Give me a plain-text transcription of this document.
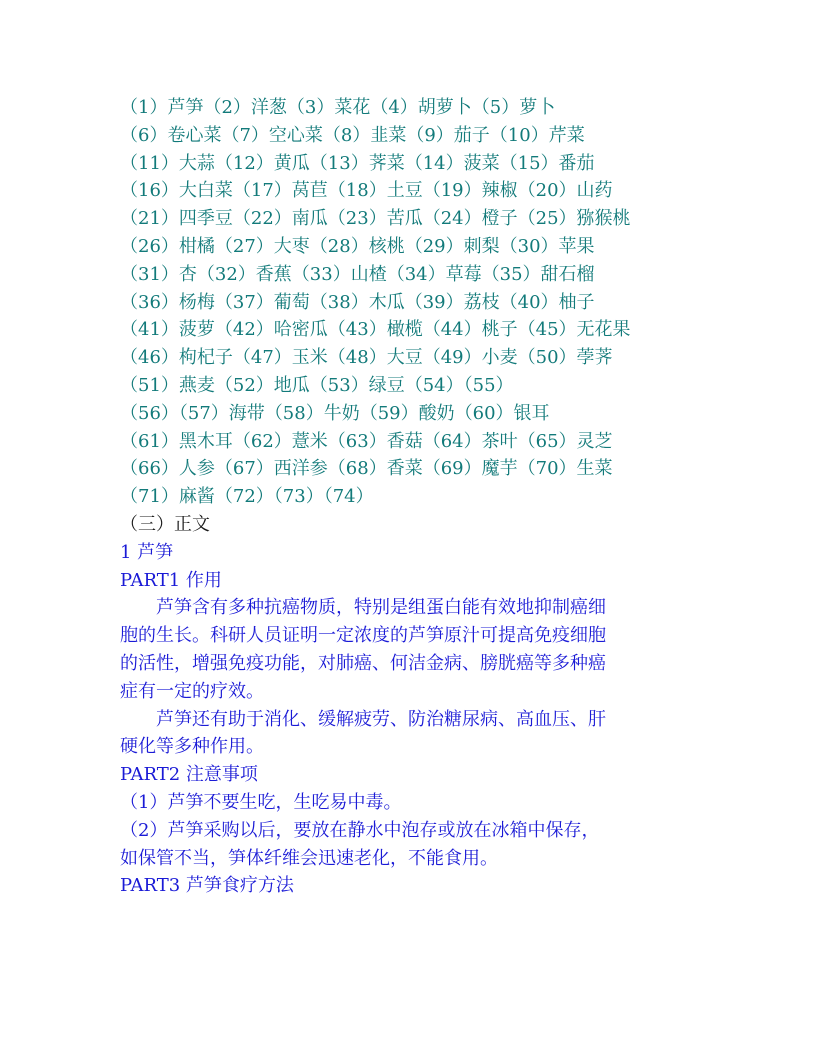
（1）芦笋（2）洋葱（3）菜花（4）胡萝卜（5）萝卜
（6）卷心菜（7）空心菜（8）韭菜（9）茄子（10）芹菜
（11）大蒜（12）黄瓜（13）荠菜（14）菠菜（15）番茄
（16）大白菜（17）莴苣（18）土豆（19）辣椒（20）山药
（21）四季豆（22）南瓜（23）苦瓜（24）橙子（25）猕猴桃
（26）柑橘（27）大枣（28）核桃（29）刺梨（30）苹果
（31）杏（32）香蕉（33）山楂（34）草莓（35）甜石榴
（36）杨梅（37）葡萄（38）木瓜（39）荔枝（40）柚子
（41）菠萝（42）哈密瓜（43）橄榄（44）桃子（45）无花果
（46）枸杞子（47）玉米（48）大豆（49）小麦（50）荸荠
（51）燕麦（52）地瓜（53）绿豆（54）（55）
（56）（57）海带（58）牛奶（59）酸奶（60）银耳
（61）黑木耳（62）薏米（63）香菇（64）茶叶（65）灵芝
（66）人参（67）西洋参（68）香菜（69）魔芋（70）生菜
（71）麻酱（72）（73）（74）
（三）正文
1 芦笋
PART1 作用

芦笋含有多种抗癌物质，特别是组蛋白能有效地抑制癌细
胞的生长。科研人员证明一定浓度的芦笋原汁可提高免疫细胞
的活性，增强免疫功能，对肺癌、何洁金病、膀胱癌等多种癌
症有一定的疗效。

芦笋还有助于消化、缓解疲劳、防治糖尿病、高血压、肝
硬化等多种作用。

PART2 注意事项

（1）芦笋不要生吃，生吃易中毒。

（2）芦笋采购以后，要放在静水中泡存或放在冰箱中保存，
如保管不当，笋体纤维会迅速老化，不能食用。

PART3 芦笋食疗方法
